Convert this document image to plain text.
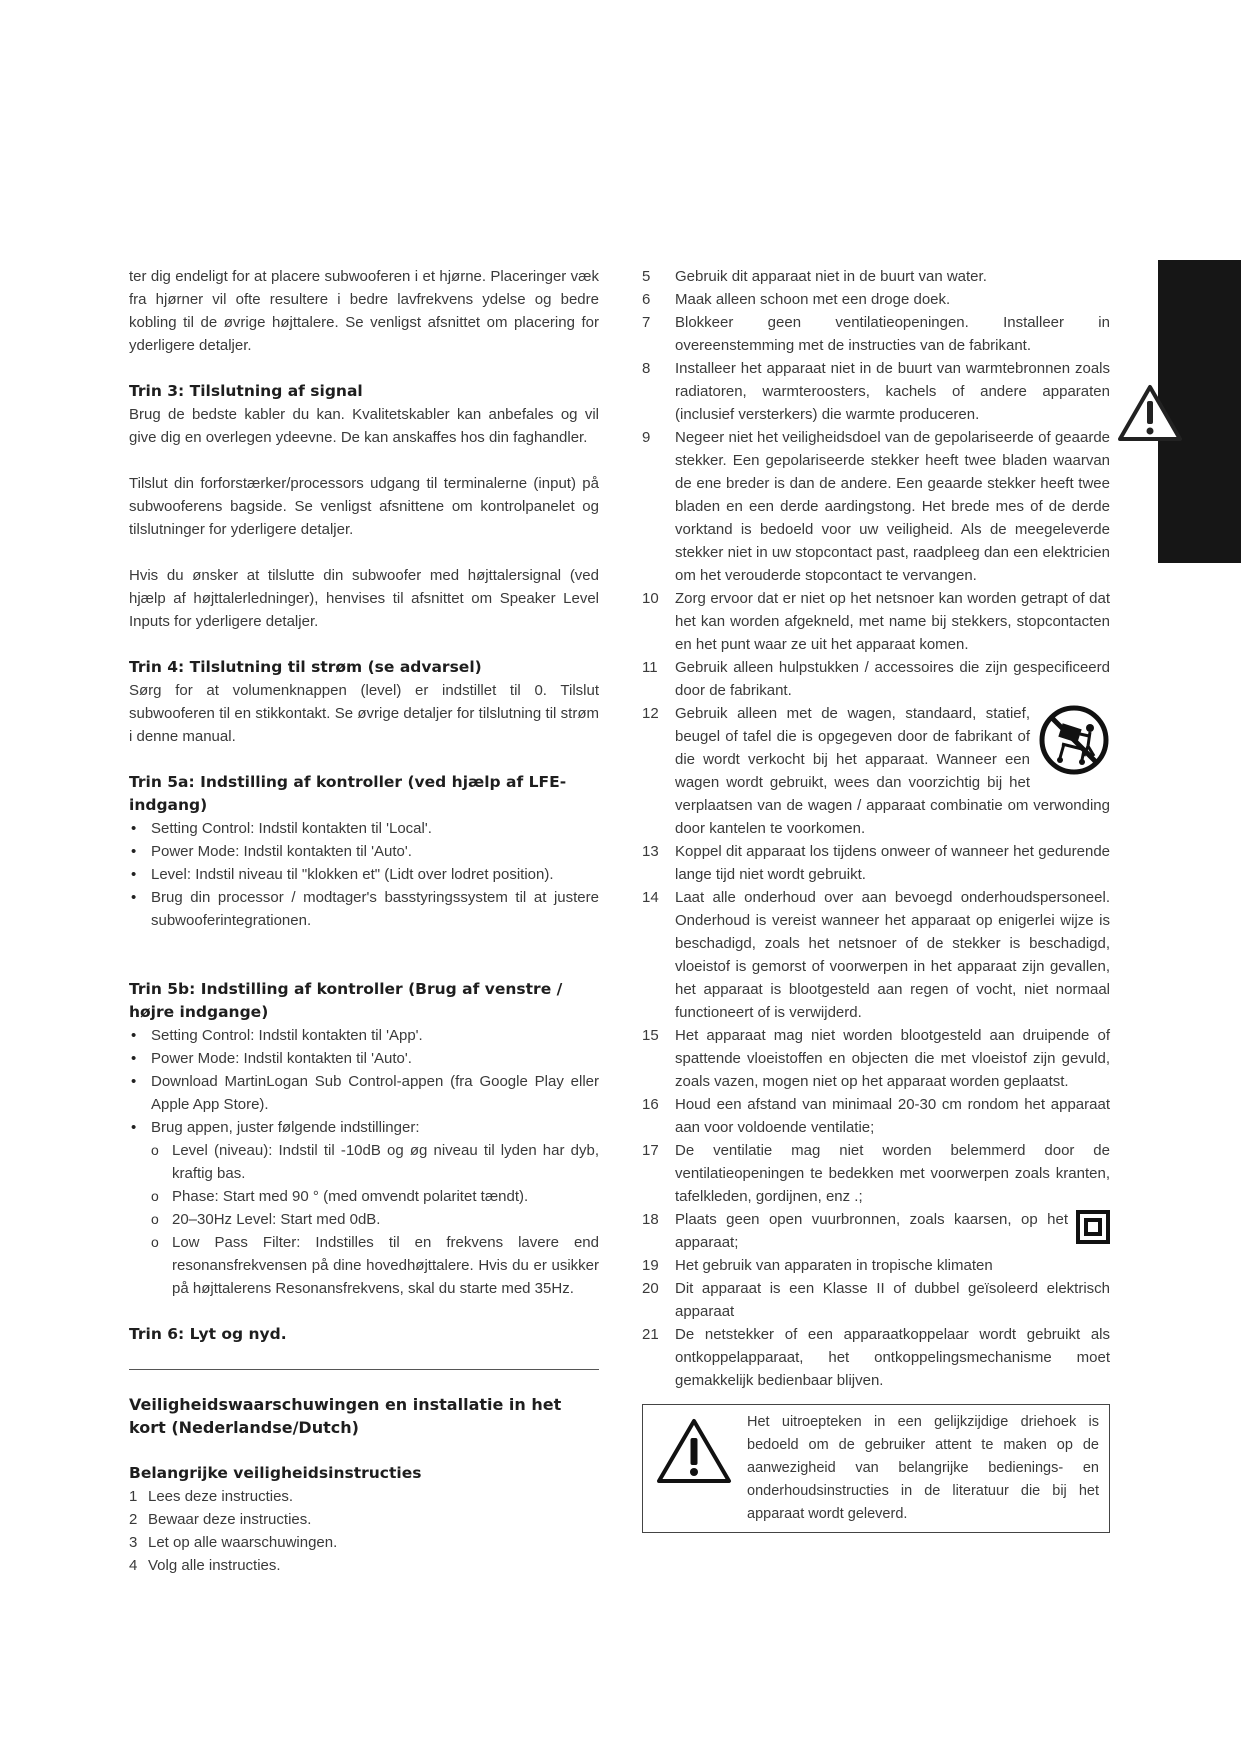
ter dig endeligt for at placere subwooferen i et hjørne. Placeringer væk fra hjørner vil ofte resultere i bedre lavfrekvens ydelse og bedre kobling til de øvrige højttalere. Se venligst afsnittet om placering for yderligere detaljer.

Trin 3: Tilslutning af signal

Brug de bedste kabler du kan. Kvalitetskabler kan anbefales og vil give dig en overlegen ydeevne. De kan anskaffes hos din faghandler.

Tilslut din forforstærker/processors udgang til terminalerne (input) på subwooferens bagside. Se venligst afsnittene om kontrolpanelet og tilslutninger for yderligere detaljer.

Hvis du ønsker at tilslutte din subwoofer med højttalersignal (ved hjælp af højttalerledninger), henvises til afsnittet om Speaker Level Inputs for yderligere detaljer.

Trin 4: Tilslutning til strøm (se advarsel)

Sørg for at volumenknappen (level) er indstillet til 0. Tilslut subwooferen til en stikkontakt. Se øvrige detaljer for tilslutning til strøm i denne manual.

Trin 5a: Indstilling af kontroller (ved hjælp af LFE-indgang)
• Setting Control: Indstil kontakten til 'Local'.
• Power Mode: Indstil kontakten til 'Auto'.
• Level: Indstil niveau til "klokken et" (Lidt over lodret position).
• Brug din processor / modtager's basstyringssystem til at justere subwooferintegrationen.
Trin 5b: Indstilling af kontroller (Brug af venstre / højre indgange)
• Setting Control: Indstil kontakten til 'App'.
• Power Mode: Indstil kontakten til 'Auto'.
• Download MartinLogan Sub Control-appen (fra Google Play eller Apple App Store).
• Brug appen, juster følgende indstillinger:
o Level (niveau): Indstil til -10dB og øg niveau til lyden har dyb, kraftig bas.
o Phase: Start med 90 ° (med omvendt polaritet tændt).
o 20–30Hz Level: Start med 0dB.
o Low Pass Filter: Indstilles til en frekvens lavere end resonansfrekvensen på dine hovedhøjttalere. Hvis du er usikker på højttalerens Resonansfrekvens, skal du starte med 35Hz.
Trin 6: Lyt og nyd.
Veiligheidswaarschuwingen en installatie in het kort (Nederlandse/Dutch)
Belangrijke veiligheidsinstructies
1 Lees deze instructies.
2 Bewaar deze instructies.
3 Let op alle waarschuwingen.
4 Volg alle instructies.
5 Gebruik dit apparaat niet in de buurt van water.
6 Maak alleen schoon met een droge doek.
7 Blokkeer geen ventilatieopeningen. Installeer in overeenstemming met de instructies van de fabrikant.
8 Installeer het apparaat niet in de buurt van warmtebronnen zoals radiatoren, warmteroosters, kachels of andere apparaten (inclusief versterkers) die warmte produceren.
9 Negeer niet het veiligheidsdoel van de gepolariseerde of geaarde stekker. Een gepolariseerde stekker heeft twee bladen waarvan de ene breder is dan de andere. Een geaarde stekker heeft twee bladen en een derde aardingstong. Het brede mes of de derde vorktand is bedoeld voor uw veiligheid. Als de meegeleverde stekker niet in uw stopcontact past, raadpleeg dan een elektricien om het verouderde stopcontact te vervangen.
10 Zorg ervoor dat er niet op het netsnoer kan worden getrapt of dat het kan worden afgekneld, met name bij stekkers, stopcontacten en het punt waar ze uit het apparaat komen.
11 Gebruik alleen hulpstukken / accessoires die zijn gespecificeerd door de fabrikant.
12 Gebruik alleen met de wagen, standaard, statief, beugel of tafel die is opgegeven door de fabrikant of die wordt verkocht bij het apparaat. Wanneer een wagen wordt gebruikt, wees dan voorzichtig bij het verplaatsen van de wagen / apparaat combinatie om verwonding door kantelen te voorkomen.
13 Koppel dit apparaat los tijdens onweer of wanneer het gedurende lange tijd niet wordt gebruikt.
14 Laat alle onderhoud over aan bevoegd onderhoudspersoneel. Onderhoud is vereist wanneer het apparaat op enigerlei wijze is beschadigd, zoals het netsnoer of de stekker is beschadigd, vloeistof is gemorst of voorwerpen in het apparaat zijn gevallen, het apparaat is blootgesteld aan regen of vocht, niet normaal functioneert of is verwijderd.
15 Het apparaat mag niet worden blootgesteld aan druipende of spattende vloeistoffen en objecten die met vloeistof zijn gevuld, zoals vazen, mogen niet op het apparaat worden geplaatst.
16 Houd een afstand van minimaal 20-30 cm rondom het apparaat aan voor voldoende ventilatie;
17 De ventilatie mag niet worden belemmerd door de ventilatieopeningen te bedekken met voorwerpen zoals kranten, tafelkleden, gordijnen, enz .;
18 Plaats geen open vuurbronnen, zoals kaarsen, op het apparaat;
19 Het gebruik van apparaten in tropische klimaten
20 Dit apparaat is een Klasse II of dubbel geïsoleerd elektrisch apparaat
21 De netstekker of een apparaatkoppelaar wordt gebruikt als ontkoppelapparaat, het ontkoppelingsmechanisme moet gemakkelijk bedienbaar blijven.

Het uitroepteken in een gelijkzijdige driehoek is bedoeld om de gebruiker attent te maken op de aanwezigheid van belangrijke bedienings- en onderhoudsinstructies in de literatuur die bij het apparaat wordt geleverd.
